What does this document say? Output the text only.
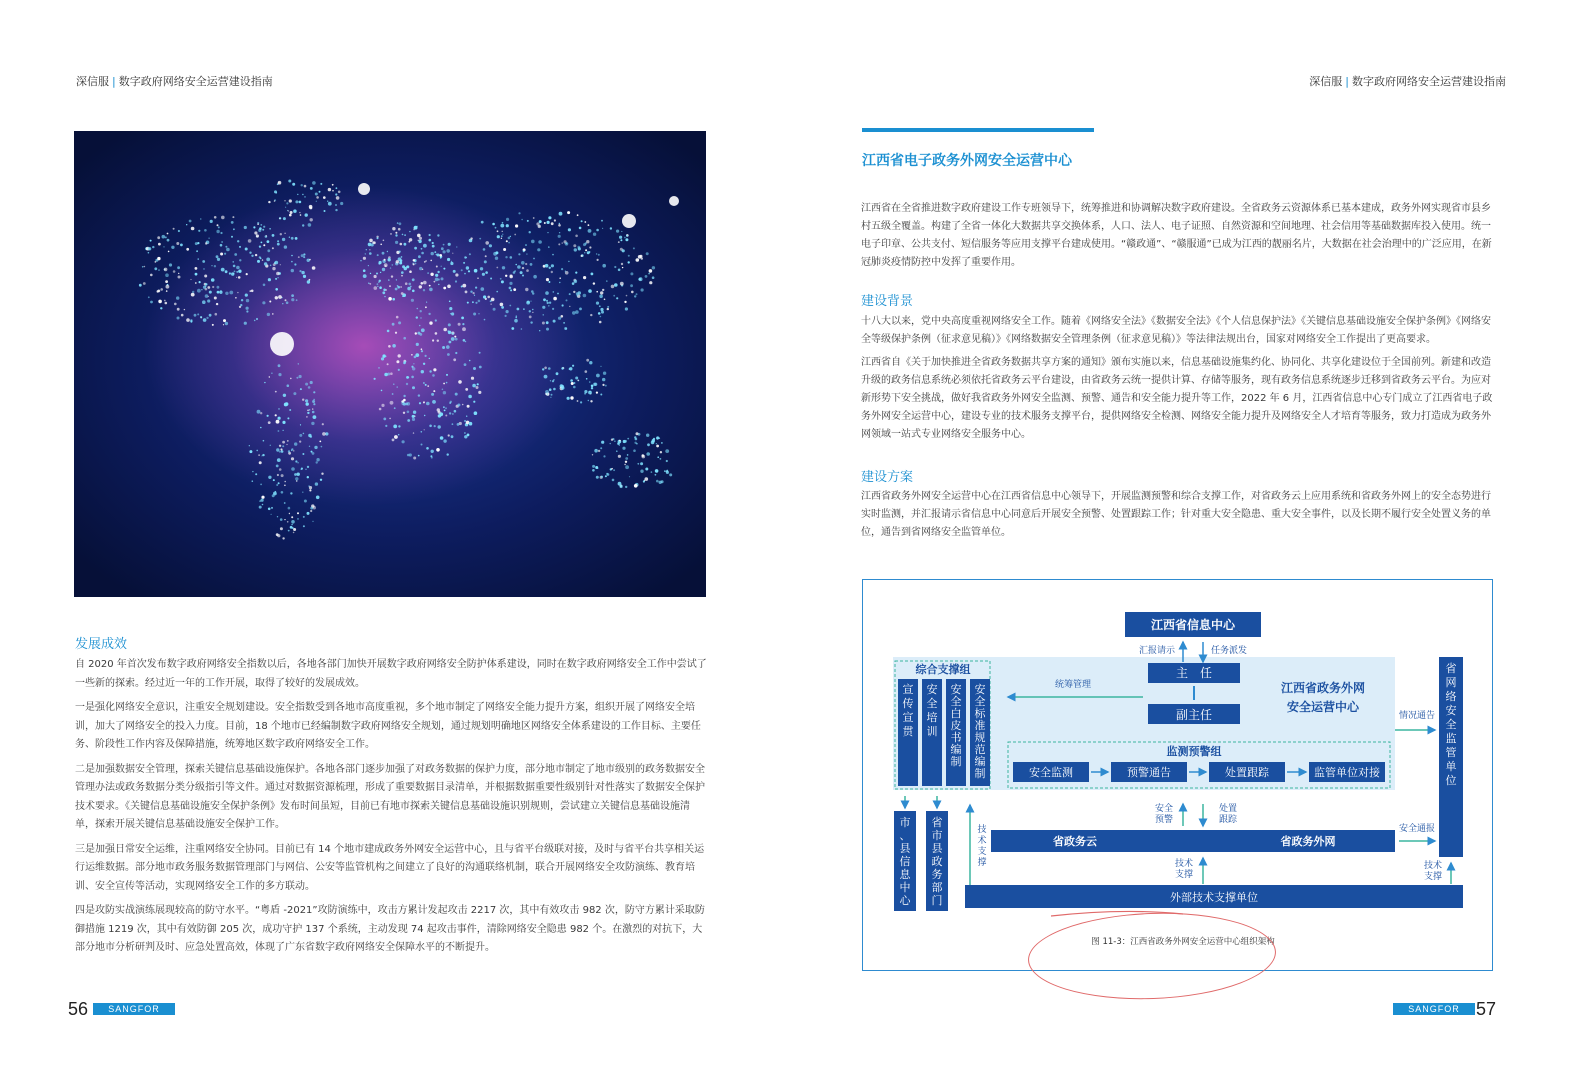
深信服 | 数字政府网络安全运营建设指南	深信服 | 数字政府网络安全运营建设指南
发展成效

自 2020 年首次发布数字政府网络安全指数以后，各地各部门加快开展数字政府网络安全防护体系建设，同时在数字政府网络安全工作中尝试了一些新的探索。经过近一年的工作开展，取得了较好的发展成效。

一是强化网络安全意识，注重安全规划建设。安全指数受到各地市高度重视，多个地市制定了网络安全能力提升方案，组织开展了网络安全培训，加大了网络安全的投入力度。目前，18 个地市已经编制数字政府网络安全规划，通过规划明确地区网络安全体系建设的工作目标、主要任务、阶段性工作内容及保障措施，统筹地区数字政府网络安全工作。

二是加强数据安全管理，探索关键信息基础设施保护。各地各部门逐步加强了对政务数据的保护力度，部分地市制定了地市级别的政务数据安全管理办法或政务数据分类分级指引等文件。通过对数据资源梳理，形成了重要数据目录清单，并根据数据重要性级别针对性落实了数据安全保护技术要求。《关键信息基础设施安全保护条例》发布时间虽短，目前已有地市探索关键信息基础设施识别规则，尝试建立关键信息基础设施清单，探索开展关键信息基础设施安全保护工作。

三是加强日常安全运维，注重网络安全协同。目前已有 14 个地市建成政务外网安全运营中心，且与省平台级联对接，及时与省平台共享相关运行运维数据。部分地市政务服务数据管理部门与网信、公安等监管机构之间建立了良好的沟通联络机制，联合开展网络安全攻防演练、教育培训、安全宣传等活动，实现网络安全工作的多方联动。

四是攻防实战演练展现较高的防守水平。“粤盾 -2021”攻防演练中，攻击方累计发起攻击 2217 次，其中有效攻击 982 次，防守方累计采取防御措施 1219 次，其中有效防御 205 次，成功守护 137 个系统，主动发现 74 起攻击事件，清除网络安全隐患 982 个。在激烈的对抗下，大部分地市分析研判及时、应急处置高效，体现了广东省数字政府网络安全保障水平的不断提升。

56	SANGFOR
江西省电子政务外网安全运营中心

江西省在全省推进数字政府建设工作专班领导下，统筹推进和协调解决数字政府建设。全省政务云资源体系已基本建成，政务外网实现省市县乡村五级全覆盖。构建了全省一体化大数据共享交换体系，人口、法人、电子证照、自然资源和空间地理、社会信用等基础数据库投入使用。统一电子印章、公共支付、短信服务等应用支撑平台建成使用。“赣政通”、“赣服通”已成为江西的靓丽名片，大数据在社会治理中的广泛应用，在新冠肺炎疫情防控中发挥了重要作用。

建设背景

十八大以来，党中央高度重视网络安全工作。随着《网络安全法》《数据安全法》《个人信息保护法》《关键信息基础设施安全保护条例》《网络安全等级保护条例（征求意见稿）》《网络数据安全管理条例（征求意见稿）》等法律法规出台，国家对网络安全工作提出了更高要求。

江西省自《关于加快推进全省政务数据共享方案的通知》颁布实施以来，信息基础设施集约化、协同化、共享化建设位于全国前列。新建和改造升级的政务信息系统必须依托省政务云平台建设，由省政务云统一提供计算、存储等服务，现有政务信息系统逐步迁移到省政务云平台。为应对新形势下安全挑战，做好我省政务外网安全监测、预警、通告和安全能力提升等工作，2022 年 6 月，江西省信息中心专门成立了江西省电子政务外网安全运营中心，建设专业的技术服务支撑平台，提供网络安全检测、网络安全能力提升及网络安全人才培育等服务，致力打造成为政务外网领域一站式专业网络安全服务中心。

建设方案

江西省政务外网安全运营中心在江西省信息中心领导下，开展监测预警和综合支撑工作，对省政务云上应用系统和省政务外网上的安全态势进行实时监测，并汇报请示省信息中心同意后开展安全预警、处置跟踪工作；针对重大安全隐患、重大安全事件，以及长期不履行安全处置义务的单位，通告到省网络安全监管单位。

江西省信息中心
汇报请示	任务派发
主　任
副主任
江西省政务外网
安全运营中心
综合支撑组
宣传宣贯
安全培训
安全白皮书编制
安全标准规范编制
统筹管理
监测预警组
安全监测	预警通告	处置跟踪	监管单位对接
省网络安全监管单位
情况通告
安全
预警
处置
跟踪
市、县信息中心
省市县政务部门
技术支撑
省政务云	省政务外网
安全通报
技术
支撑
技术
支撑
外部技术支撑单位
图 11-3：江西省政务外网安全运营中心组织架构
SANGFOR 57
